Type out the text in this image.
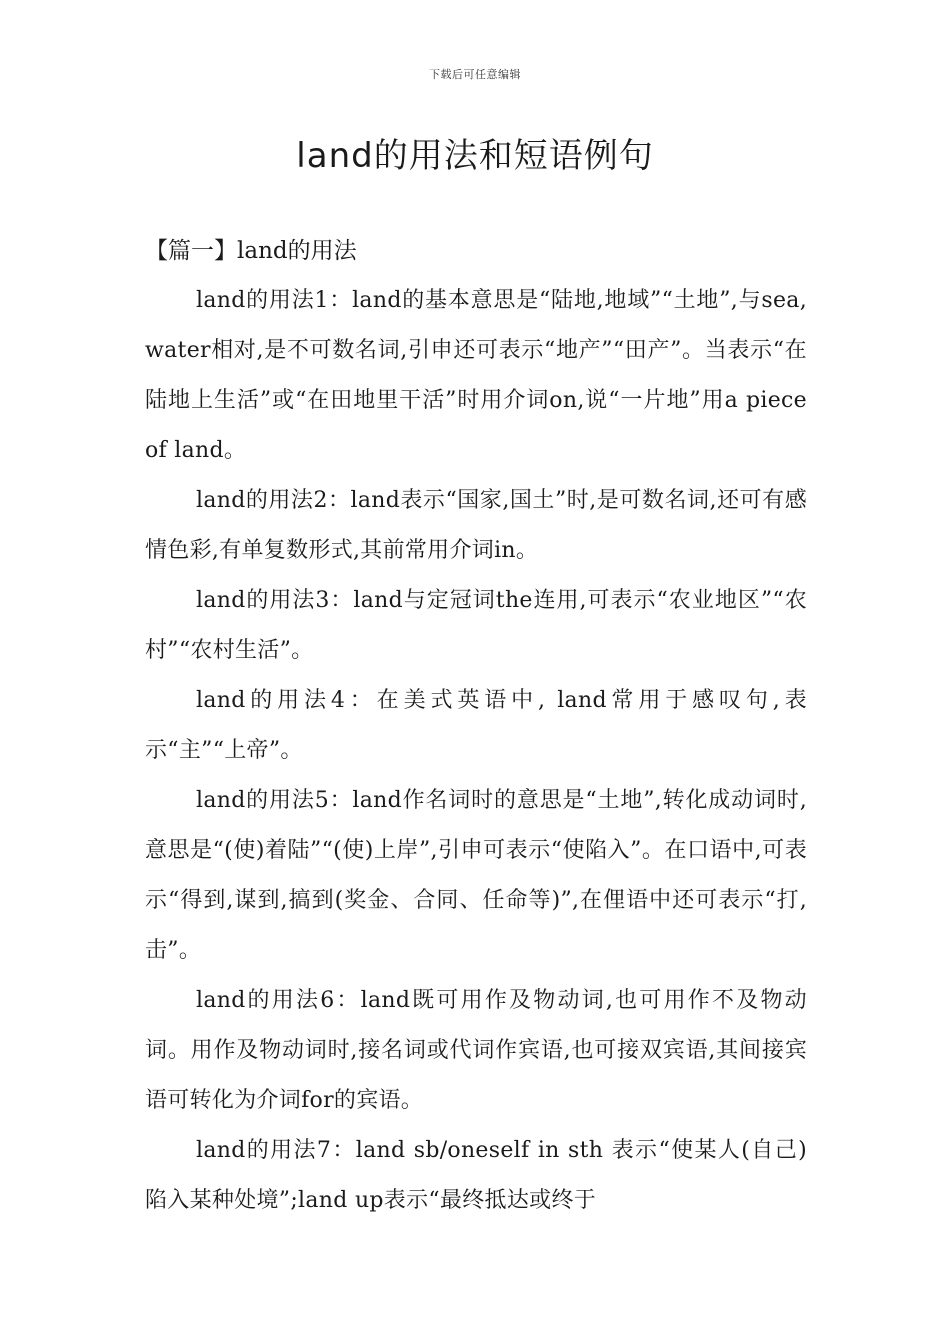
下载后可任意编辑
land的用法和短语例句

【篇一】land的用法

land的用法1：land的基本意思是“陆地,地域”“土地”,与sea, water相对,是不可数名词,引申还可表示“地产”“田产”。当表示“在陆地上生活”或“在田地里干活”时用介词on,说“一片地”用a piece of land。

land的用法2：land表示“国家,国土”时,是可数名词,还可有感情色彩,有单复数形式,其前常用介词in。

land的用法3：land与定冠词the连用,可表示“农业地区”“农村”“农村生活”。

land的用法4：在美式英语中, land常用于感叹句,表示“主”“上帝”。

land的用法5：land作名词时的意思是“土地”,转化成动词时,意思是“(使)着陆”“(使)上岸”,引申可表示“使陷入”。在口语中,可表示“得到,谋到,搞到(奖金、合同、任命等)”,在俚语中还可表示“打,击”。

land的用法6：land既可用作及物动词,也可用作不及物动词。用作及物动词时,接名词或代词作宾语,也可接双宾语,其间接宾语可转化为介词for的宾语。

land的用法7：land sb/oneself in sth 表示“使某人(自己)陷入某种处境”;land up表示“最终抵达或终于
